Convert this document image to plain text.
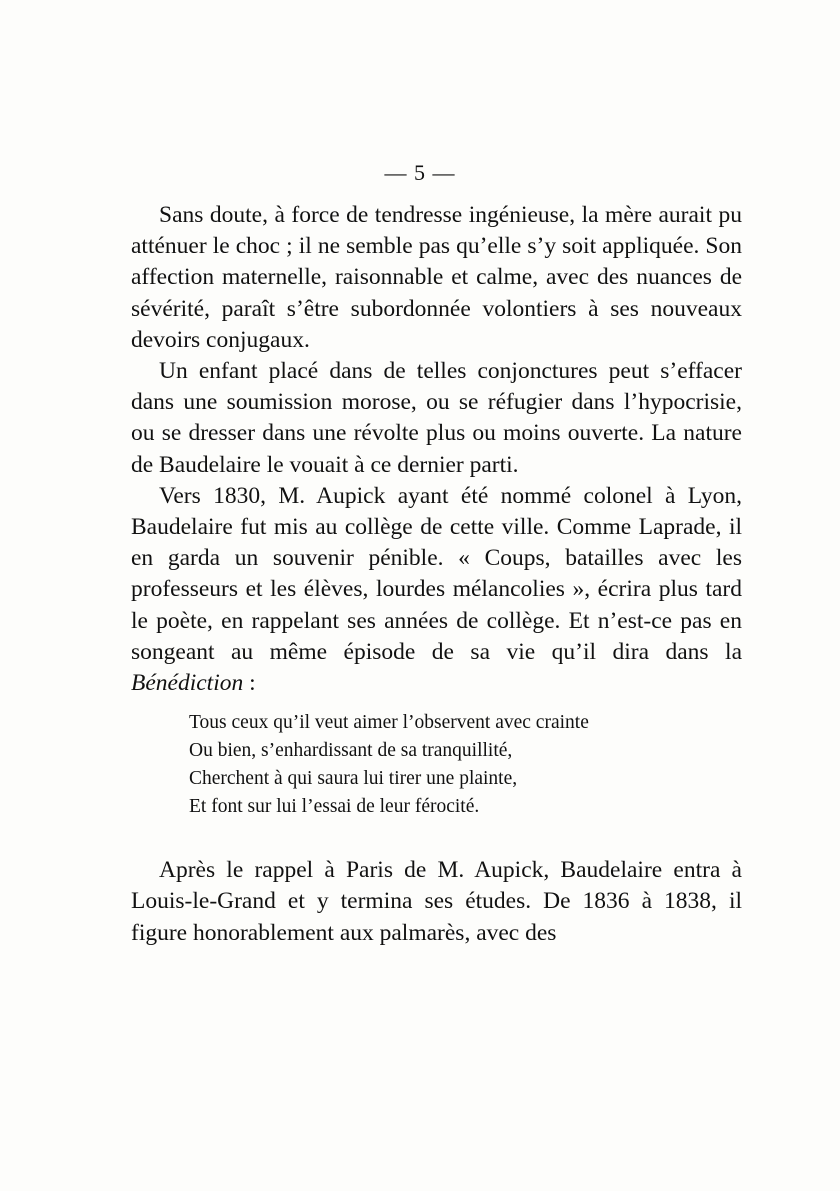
— 5 —

Sans doute, à force de tendresse ingénieuse, la mère aurait pu atténuer le choc ; il ne semble pas qu’elle s’y soit appliquée. Son affection maternelle, raisonnable et calme, avec des nuances de sévérité, paraît s’être subordonnée volontiers à ses nouveaux devoirs conjugaux.

Un enfant placé dans de telles conjonctures peut s’effacer dans une soumission morose, ou se réfugier dans l’hypocrisie, ou se dresser dans une révolte plus ou moins ouverte. La nature de Baudelaire le vouait à ce dernier parti.

Vers 1830, M. Aupick ayant été nommé colonel à Lyon, Baudelaire fut mis au collège de cette ville. Comme Laprade, il en garda un souvenir pénible. « Coups, batailles avec les professeurs et les élèves, lourdes mélancolies », écrira plus tard le poète, en rappelant ses années de collège. Et n’est-ce pas en songeant au même épisode de sa vie qu’il dira dans la Bénédiction :

Tous ceux qu’il veut aimer l’observent avec crainte
Ou bien, s’enhardissant de sa tranquillité,
Cherchent à qui saura lui tirer une plainte,
Et font sur lui l’essai de leur férocité.

Après le rappel à Paris de M. Aupick, Baudelaire entra à Louis-le-Grand et y termina ses études. De 1836 à 1838, il figure honorablement aux palmarès, avec des
